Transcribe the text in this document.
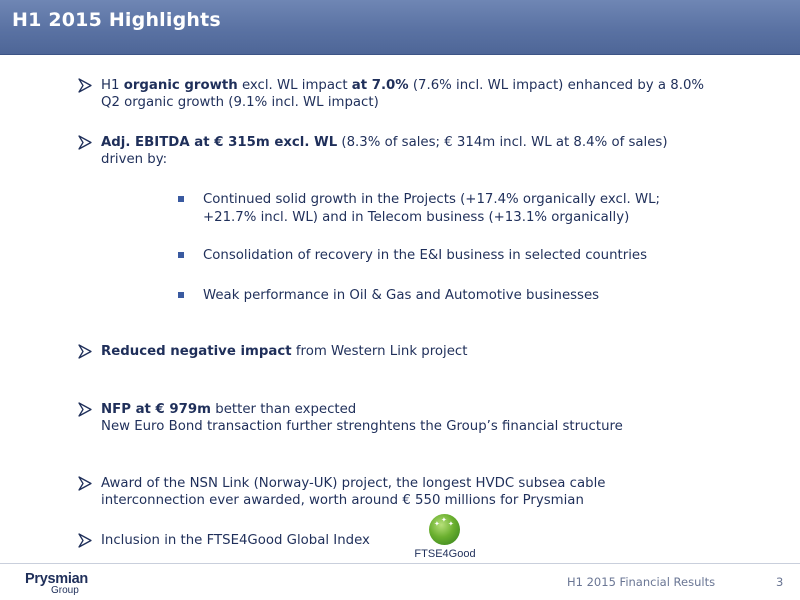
H1 2015 Highlights
H1 organic growth excl. WL impact at 7.0% (7.6% incl. WL impact) enhanced by a 8.0%
Q2 organic growth (9.1% incl. WL impact)
Adj. EBITDA at € 315m excl. WL (8.3% of sales; € 314m incl. WL at 8.4% of sales)
driven by:
Continued solid growth in the Projects (+17.4% organically excl. WL;
+21.7% incl. WL) and in Telecom business (+13.1% organically)
Consolidation of recovery in the E&I business in selected countries
Weak performance in Oil & Gas and Automotive businesses
Reduced negative impact from Western Link project
NFP at € 979m better than expected
New Euro Bond transaction further strenghtens the Group’s financial structure
Award of the NSN Link (Norway-UK) project, the longest HVDC subsea cable
interconnection ever awarded, worth around € 550 millions for Prysmian
Inclusion in the FTSE4Good Global Index
✦
✦ ✦
FTSE4Good
Prysmian
Group
H1 2015 Financial Results	3
